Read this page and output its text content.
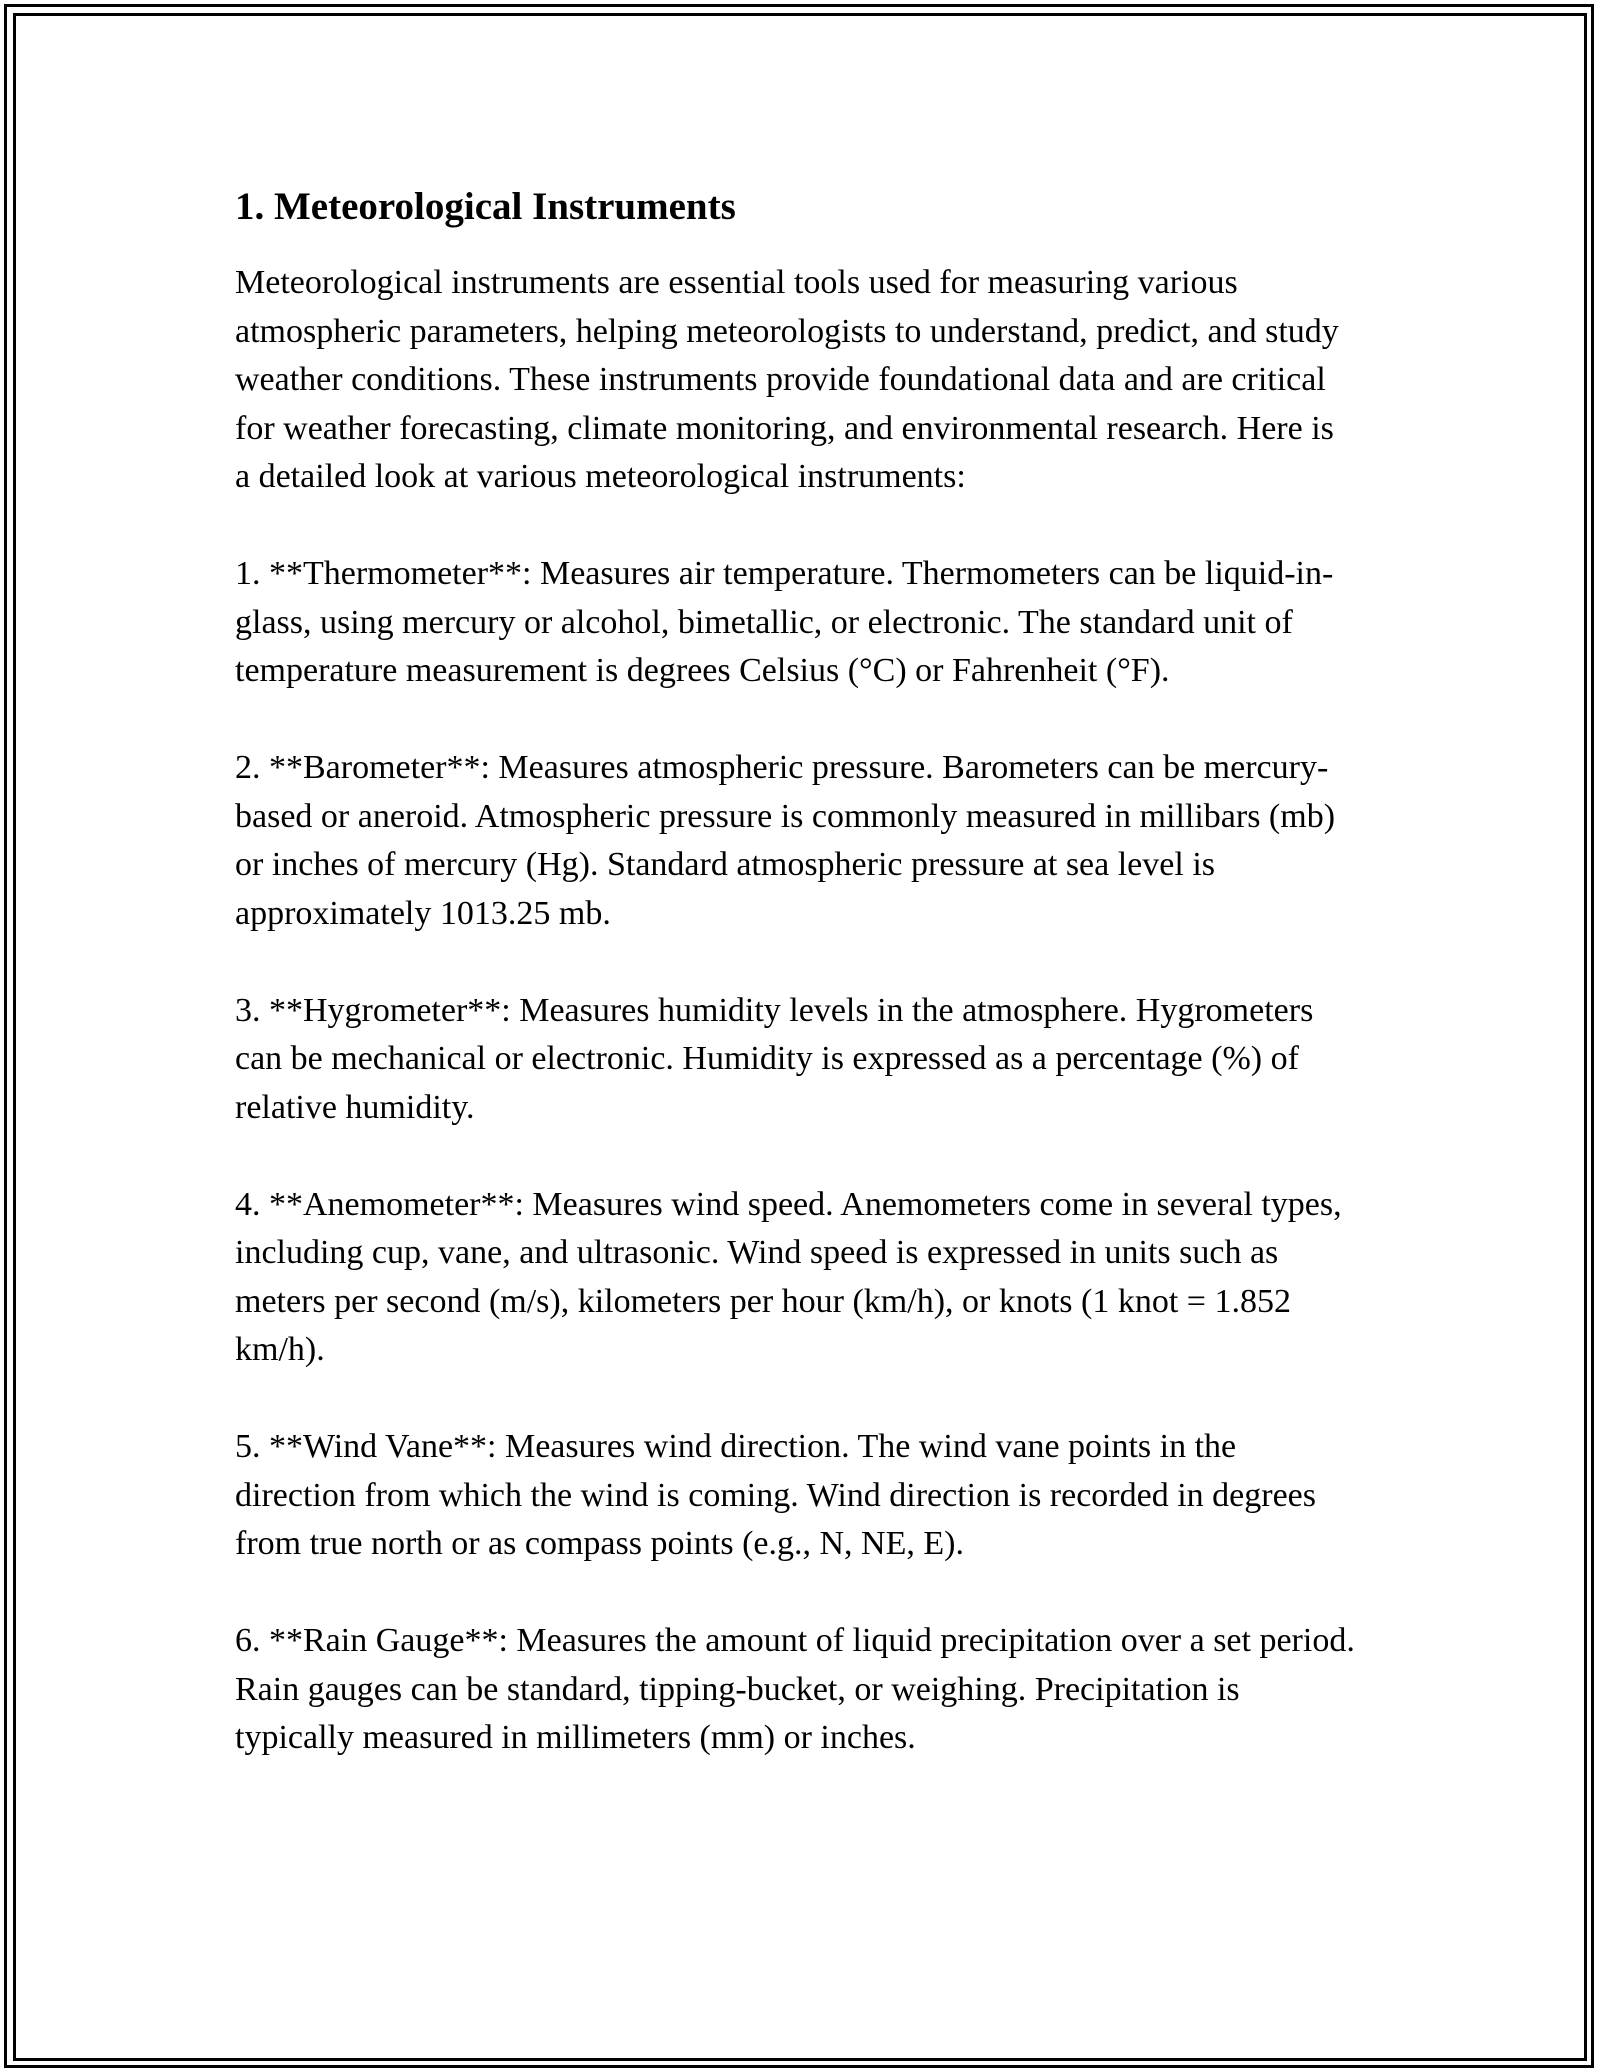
1. Meteorological Instruments

Meteorological instruments are essential tools used for measuring various atmospheric parameters, helping meteorologists to understand, predict, and study weather conditions. These instruments provide foundational data and are critical for weather forecasting, climate monitoring, and environmental research. Here is a detailed look at various meteorological instruments:

1. **Thermometer**: Measures air temperature. Thermometers can be liquid-in-glass, using mercury or alcohol, bimetallic, or electronic. The standard unit of temperature measurement is degrees Celsius (°C) or Fahrenheit (°F).

2. **Barometer**: Measures atmospheric pressure. Barometers can be mercury-based or aneroid. Atmospheric pressure is commonly measured in millibars (mb) or inches of mercury (Hg). Standard atmospheric pressure at sea level is approximately 1013.25 mb.

3. **Hygrometer**: Measures humidity levels in the atmosphere. Hygrometers can be mechanical or electronic. Humidity is expressed as a percentage (%) of relative humidity.

4. **Anemometer**: Measures wind speed. Anemometers come in several types, including cup, vane, and ultrasonic. Wind speed is expressed in units such as meters per second (m/s), kilometers per hour (km/h), or knots (1 knot = 1.852 km/h).

5. **Wind Vane**: Measures wind direction. The wind vane points in the direction from which the wind is coming. Wind direction is recorded in degrees from true north or as compass points (e.g., N, NE, E).

6. **Rain Gauge**: Measures the amount of liquid precipitation over a set period. Rain gauges can be standard, tipping-bucket, or weighing. Precipitation is typically measured in millimeters (mm) or inches.
